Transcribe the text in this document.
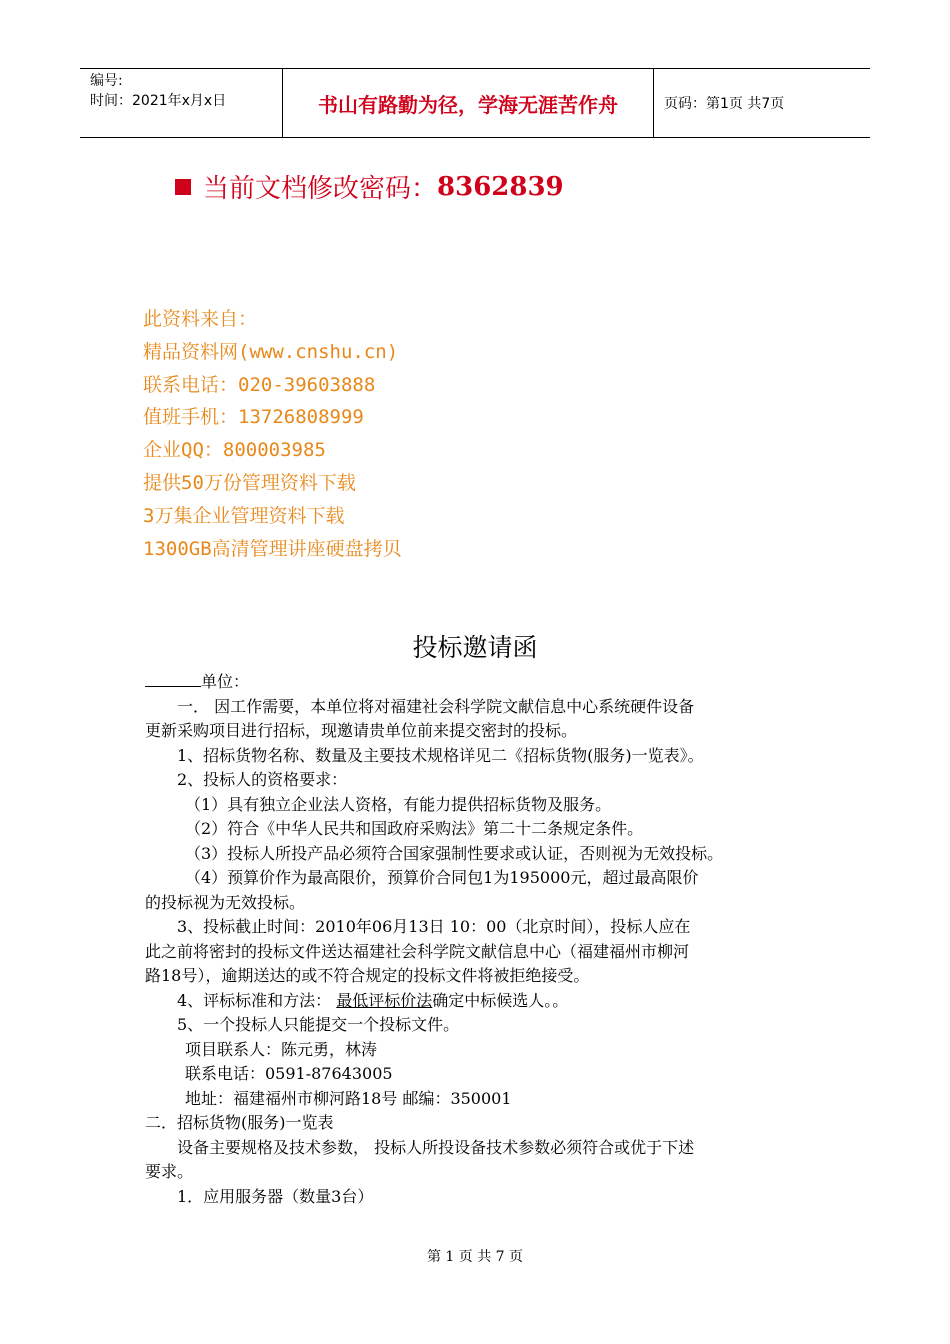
编号:
时间：2021年x月x日	书山有路勤为径，学海无涯苦作舟	页码：第1页 共7页
当前文档修改密码： 8362839
此资料来自：
精品资料网(www.cnshu.cn)
联系电话：020-39603888
值班手机：13726808999
企业QQ：800003985
提供50万份管理资料下载
3万集企业管理资料下载
1300GB高清管理讲座硬盘拷贝
投标邀请函

单位：

一． 因工作需要，本单位将对福建社会科学院文献信息中心系统硬件设备

更新采购项目进行招标，现邀请贵单位前来提交密封的投标。

1、招标货物名称、数量及主要技术规格详见二《招标货物(服务)一览表》。

2、投标人的资格要求：

（1）具有独立企业法人资格，有能力提供招标货物及服务。

（2）符合《中华人民共和国政府采购法》第二十二条规定条件。

（3）投标人所投产品必须符合国家强制性要求或认证，否则视为无效投标。

（4）预算价作为最高限价，预算价合同包1为195000元，超过最高限价

的投标视为无效投标。

3、投标截止时间：2010年06月13日 10：00（北京时间），投标人应在

此之前将密封的投标文件送达福建社会科学院文献信息中心（福建福州市柳河

路18号），逾期送达的或不符合规定的投标文件将被拒绝接受。

4、评标标准和方法： 最低评标价法确定中标候选人。。

5、一个投标人只能提交一个投标文件。

项目联系人：陈元勇，林涛

联系电话：0591-87643005

地址：福建福州市柳河路18号 邮编：350001

二．招标货物(服务)一览表

设备主要规格及技术参数， 投标人所投设备技术参数必须符合或优于下述

要求。

1．应用服务器（数量3台）

第 1 页 共 7 页
